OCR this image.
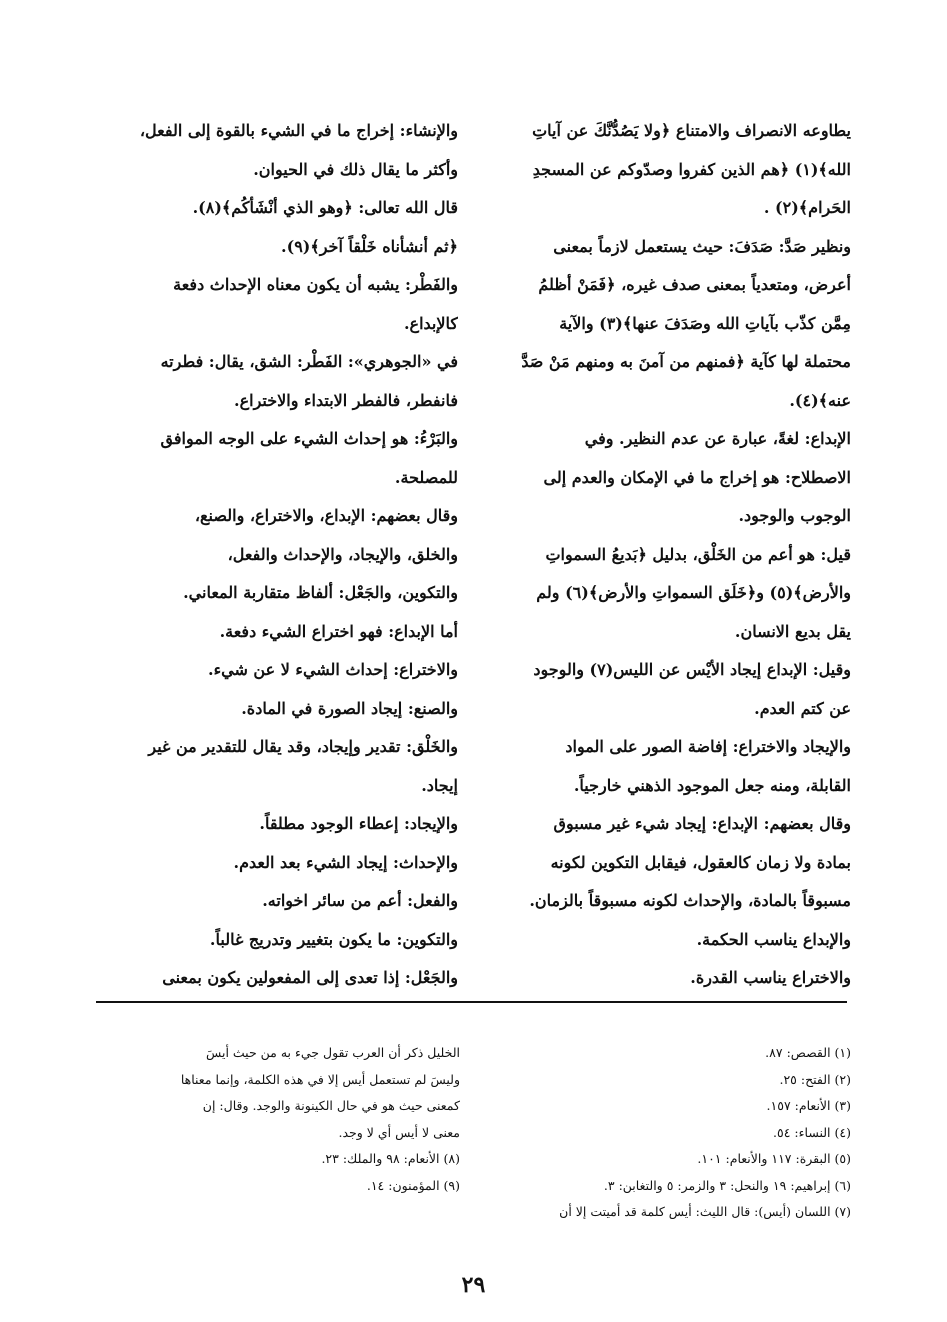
يطاوعه الانصراف والامتناع ﴿ولا يَصُدُّنَّكَ عن آياتِ
الله﴾(١) ﴿هم الذين كفروا وصدّوكم عن المسجدِ
الحَرام﴾(٢) .
ونظير صَدَّ: صَدَفَ: حيث يستعمل لازماً بمعنى
أعرض، ومتعدياً بمعنى صدف غيره، ﴿فَمَنْ أظلمُ
مِمَّن كذّب بآياتِ الله وصَدَفَ عنها﴾(٣) والآية
محتملة لها كآية ﴿فمنهم من آمنَ به ومنهم مَنْ صَدَّ
عنه﴾(٤).
الإبداع: لغةً، عبارة عن عدم النظير. وفي
الاصطلاح: هو إخراج ما في الإمكان والعدم إلى
الوجوب والوجود.
قيل: هو أعم من الخَلْق، بدليل ﴿بَديعُ السمواتِ
والأرض﴾(٥) و﴿خَلَق السمواتِ والأرض﴾(٦) ولم
يقل بديع الانسان.
وقيل: الإبداع إيجاد الأيْس عن الليس(٧) والوجود
عن كتم العدم.
والإيجاد والاختراع: إفاضة الصور على المواد
القابلة، ومنه جعل الموجود الذهني خارجياً.
وقال بعضهم: الإبداع: إيجاد شيء غير مسبوق
بمادة ولا زمان كالعقول، فيقابل التكوين لكونه
مسبوقاً بالمادة، والإحداث لكونه مسبوقاً بالزمان.
والإبداع يناسب الحكمة.
والاختراع يناسب القدرة.
والإنشاء: إخراج ما في الشيء بالقوة إلى الفعل،
وأكثر ما يقال ذلك في الحيوان.
قال الله تعالى: ﴿وهو الذي أنْشَأكُم﴾(٨).
﴿ثم أنشأناه خَلْقاً آخر﴾(٩).
والفَطْر: يشبه أن يكون معناه الإحداث دفعة
كالإبداع.
في «الجوهري»: الفَطْر: الشق، يقال: فطرته
فانفطر، فالفطر الابتداء والاختراع.
والبَرْءُ: هو إحداث الشيء على الوجه الموافق
للمصلحة.
وقال بعضهم: الإبداع، والاختراع، والصنع،
والخلق، والإيجاد، والإحداث والفعل،
والتكوين، والجَعْل: ألفاظ متقاربة المعاني.
أما الإبداع: فهو اختراع الشيء دفعة.
والاختراع: إحداث الشيء لا عن شيء.
والصنع: إيجاد الصورة في المادة.
والخَلْق: تقدير وإيجاد، وقد يقال للتقدير من غير
إيجاد.
والإيجاد: إعطاء الوجود مطلقاً.
والإحداث: إيجاد الشيء بعد العدم.
والفعل: أعم من سائر اخواته.
والتكوين: ما يكون بتغيير وتدريج غالباً.
والجَعْل: إذا تعدى إلى المفعولين يكون بمعنى
(١) القصص: ٨٧.
(٢) الفتح: ٢٥.
(٣) الأنعام: ١٥٧.
(٤) النساء: ٥٤.
(٥) البقرة: ١١٧ والأنعام: ١٠١.
(٦) إبراهيم: ١٩ والنحل: ٣ والزمر: ٥ والتغابن: ٣.
(٧) اللسان (أيس): قال الليث: أيس كلمة قد أميتت إلا أن
الخليل ذكر أن العرب تقول جيء به من حيث أيسَ
وليسَ لم تستعمل أيس إلا في هذه الكلمة، وإنما معناها
كمعنى حيث هو في حال الكينونة والوجد. وقال: إن
معنى لا أيس أي لا وجد.
(٨) الأنعام: ٩٨ والملك: ٢٣.
(٩) المؤمنون: ١٤.
٢٩
